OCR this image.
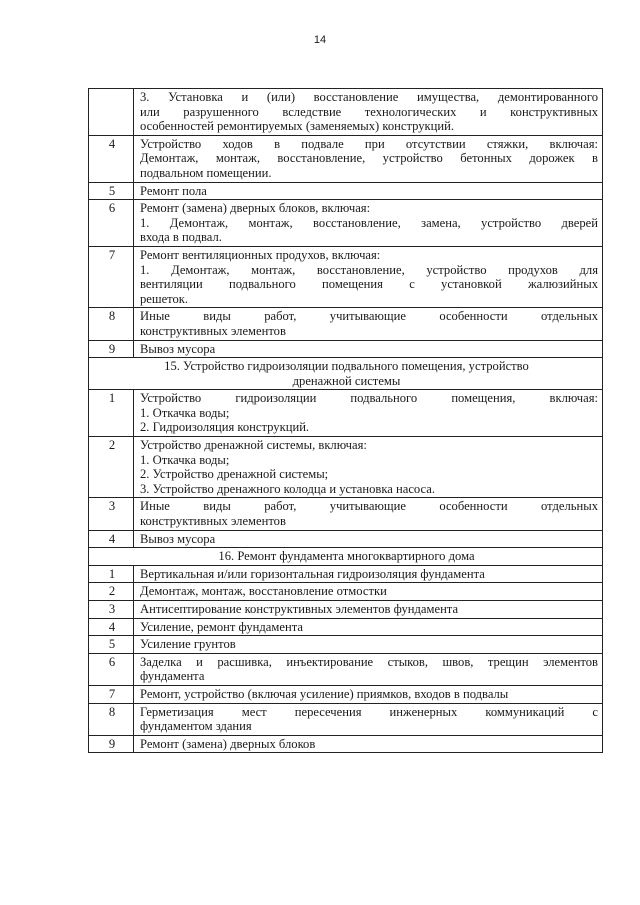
14

	3. Установка и (или) восстановление имущества, демонтированного
или разрушенного вследствие технологических и конструктивных
особенностей ремонтируемых (заменяемых) конструкций.

4	Устройство ходов в подвале при отсутствии стяжки, включая:
Демонтаж, монтаж, восстановление, устройство бетонных дорожек в
подвальном помещении.

5	Ремонт пола

6	Ремонт (замена) дверных блоков, включая:
1. Демонтаж, монтаж, восстановление, замена, устройство дверей
входа в подвал.

7	Ремонт вентиляционных продухов, включая:
1. Демонтаж, монтаж, восстановление, устройство продухов для
вентиляции подвального помещения с установкой жалюзийных
решеток.

8	Иные виды работ, учитывающие особенности отдельных
конструктивных элементов

9	Вывоз мусора

15. Устройство гидроизоляции подвального помещения, устройство
дренажной системы	

1	Устройство гидроизоляции подвального помещения, включая:
1. Откачка воды;
2. Гидроизоляция конструкций.

2	Устройство дренажной системы, включая:
1. Откачка воды;
2. Устройство дренажной системы;
3. Устройство дренажного колодца и установка насоса.

3	Иные виды работ, учитывающие особенности отдельных
конструктивных элементов

4	Вывоз мусора

16. Ремонт фундамента многоквартирного дома	

1	Вертикальная и/или горизонтальная гидроизоляция фундамента

2	Демонтаж, монтаж, восстановление отмостки

3	Антисептирование конструктивных элементов фундамента

4	Усиление, ремонт фундамента

5	Усиление грунтов

6	Заделка и расшивка, инъектирование стыков, швов, трещин элементов
фундамента

7	Ремонт, устройство (включая усиление) приямков, входов в подвалы

8	Герметизация мест пересечения инженерных коммуникаций с
фундаментом здания

9	Ремонт (замена) дверных блоков
